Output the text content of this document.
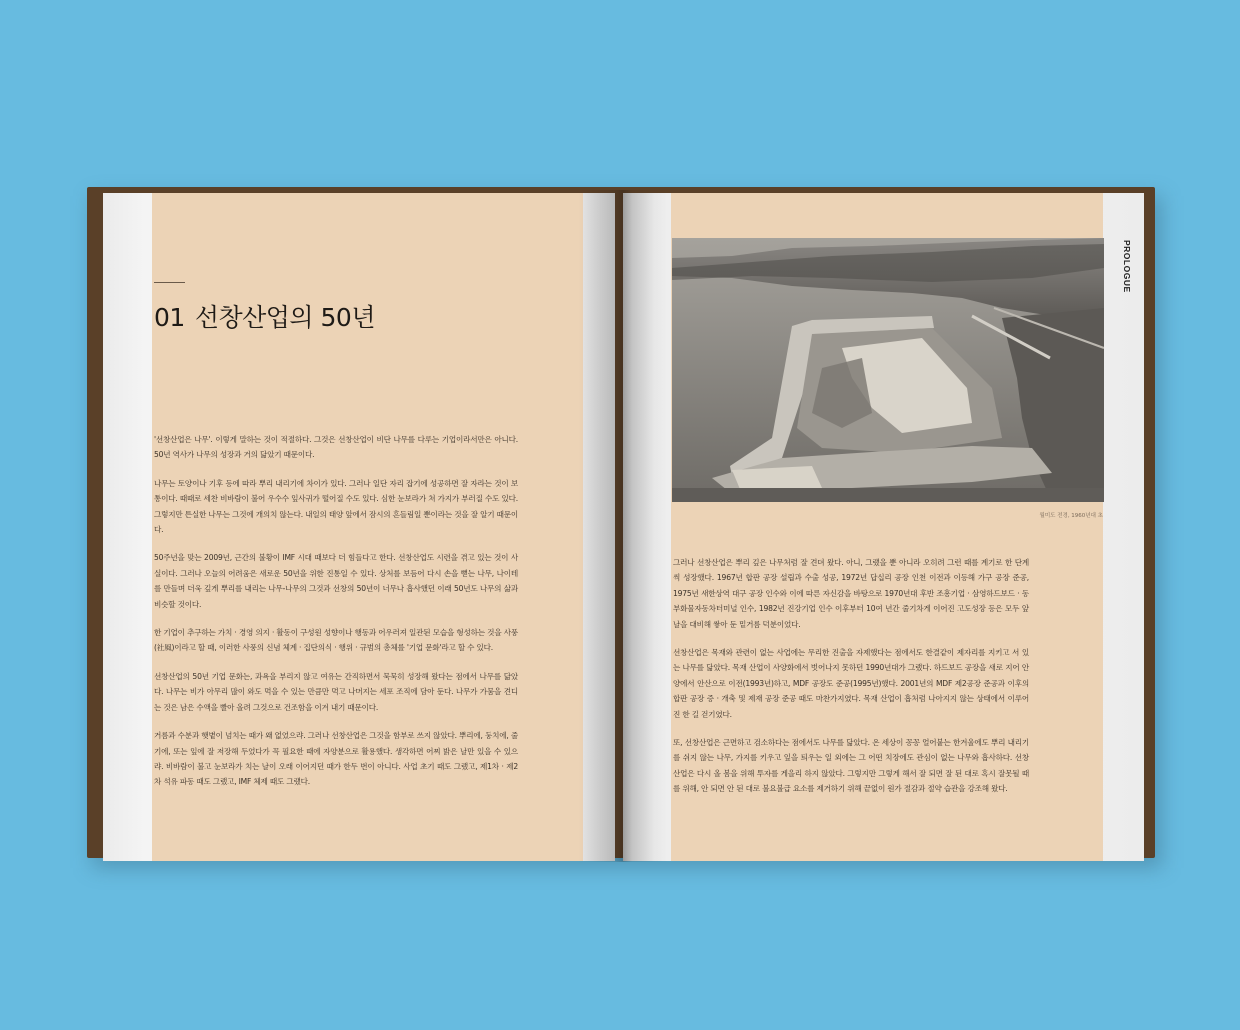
01 선창산업의 50년

'선창산업은 나무'. 이렇게 말하는 것이 적절하다. 그것은 선창산업이 비단 나무를 다루는 기업이라서만은 아니다. 50년 역사가 나무의 성장과 거의 닮았기 때문이다.

나무는 토양이나 기후 등에 따라 뿌리 내리기에 차이가 있다. 그러나 일단 자리 잡기에 성공하면 잘 자라는 것이 보통이다. 때때로 세찬 비바람이 불어 우수수 잎사귀가 떨어질 수도 있다. 심한 눈보라가 쳐 가지가 부러질 수도 있다. 그렇지만 튼실한 나무는 그것에 개의치 않는다. 내일의 태양 앞에서 잠시의 흔들림일 뿐이라는 것을 잘 알기 때문이다.

50주년을 맞는 2009년, 근간의 불황이 IMF 시대 때보다 더 힘들다고 한다. 선창산업도 시련을 겪고 있는 것이 사실이다. 그러나 오늘의 어려움은 새로운 50년을 위한 진통일 수 있다. 상처를 보듬어 다시 손을 뻗는 나무, 나이테를 만들며 더욱 깊게 뿌리를 내리는 나무-나무의 그것과 선창의 50년이 너무나 흡사했던 이래 50년도 나무의 삶과 비슷할 것이다.

한 기업이 추구하는 가치 · 경영 의지 · 활동이 구성원 성향이나 행동과 어우러져 일관된 모습을 형성하는 것을 사풍(社風)이라고 할 때, 이러한 사풍의 신념 체계 · 집단의식 · 행위 · 규범의 총체를 '기업 문화'라고 할 수 있다.

선창산업의 50년 기업 문화는, 과욕을 부리지 않고 여유는 간직하면서 묵묵히 성장해 왔다는 점에서 나무를 닮았다. 나무는 비가 아무리 많이 와도 먹을 수 있는 만큼만 먹고 나머지는 세포 조직에 담아 둔다. 나무가 가뭄을 견디는 것은 남은 수액을 빨아 올려 그것으로 건조함을 이겨 내기 때문이다.

거름과 수분과 햇볕이 넘치는 때가 왜 없었으랴. 그러나 선창산업은 그것을 함부로 쓰지 않았다. 뿌리에, 둥치에, 줄기에, 또는 잎에 잘 저장해 두었다가 꼭 필요한 때에 자양분으로 활용했다. 생각하면 어찌 밝은 날만 있을 수 있으랴. 비바람이 불고 눈보라가 치는 날이 오래 이어지던 때가 한두 번이 아니다. 사업 초기 때도 그랬고, 제1차 · 제2차 석유 파동 때도 그랬고, IMF 체제 때도 그랬다.

월미도 전경, 1960년대 초
PROLOGUE

그러나 선창산업은 뿌리 깊은 나무처럼 잘 견뎌 왔다. 아니, 그랬을 뿐 아니라 오히려 그런 때를 계기로 한 단계씩 성장했다. 1967년 합판 공장 설립과 수출 성공, 1972년 답십리 공장 인천 이전과 이등해 가구 공장 준공, 1975년 새한상역 대구 공장 인수와 이에 따른 자신감을 바탕으로 1970년대 후반 조흥기업 · 삼영하드보드 · 동부화물자동차터미널 인수, 1982년 진강기업 인수 이후부터 10여 년간 줄기차게 이어진 고도성장 등은 모두 앞날을 대비해 쌓아 둔 밑거름 덕분이었다.

선창산업은 목재와 관련이 없는 사업에는 무리한 진출을 자제했다는 점에서도 한결같이 제자리를 지키고 서 있는 나무를 닮았다. 목재 산업이 사양화에서 벗어나지 못하던 1990년대가 그랬다. 하드보드 공장을 새로 지어 안양에서 안산으로 이전(1993년)하고, MDF 공장도 준공(1995년)했다. 2001년의 MDF 제2공장 준공과 이후의 합판 공장 증 · 개축 및 제재 공장 준공 때도 마찬가지였다. 목재 산업이 흡처럼 나아지지 않는 상태에서 이루어진 한 길 걷기였다.

또, 선창산업은 근면하고 검소하다는 점에서도 나무를 닮았다. 온 세상이 꽁꽁 얼어붙는 한겨울에도 뿌리 내리기를 쉬지 않는 나무, 가지를 키우고 잎을 틔우는 일 외에는 그 어떤 치장에도 관심이 없는 나무와 흡사하다. 선창산업은 다시 올 봄을 위해 투자를 게을리 하지 않았다. 그렇지만 그렇게 해서 잘 되면 잘 된 대로 혹시 잘못될 때를 위해, 안 되면 안 된 대로 불요불급 요소를 제거하기 위해 끝없이 원가 절감과 절약 습관을 강조해 왔다.
